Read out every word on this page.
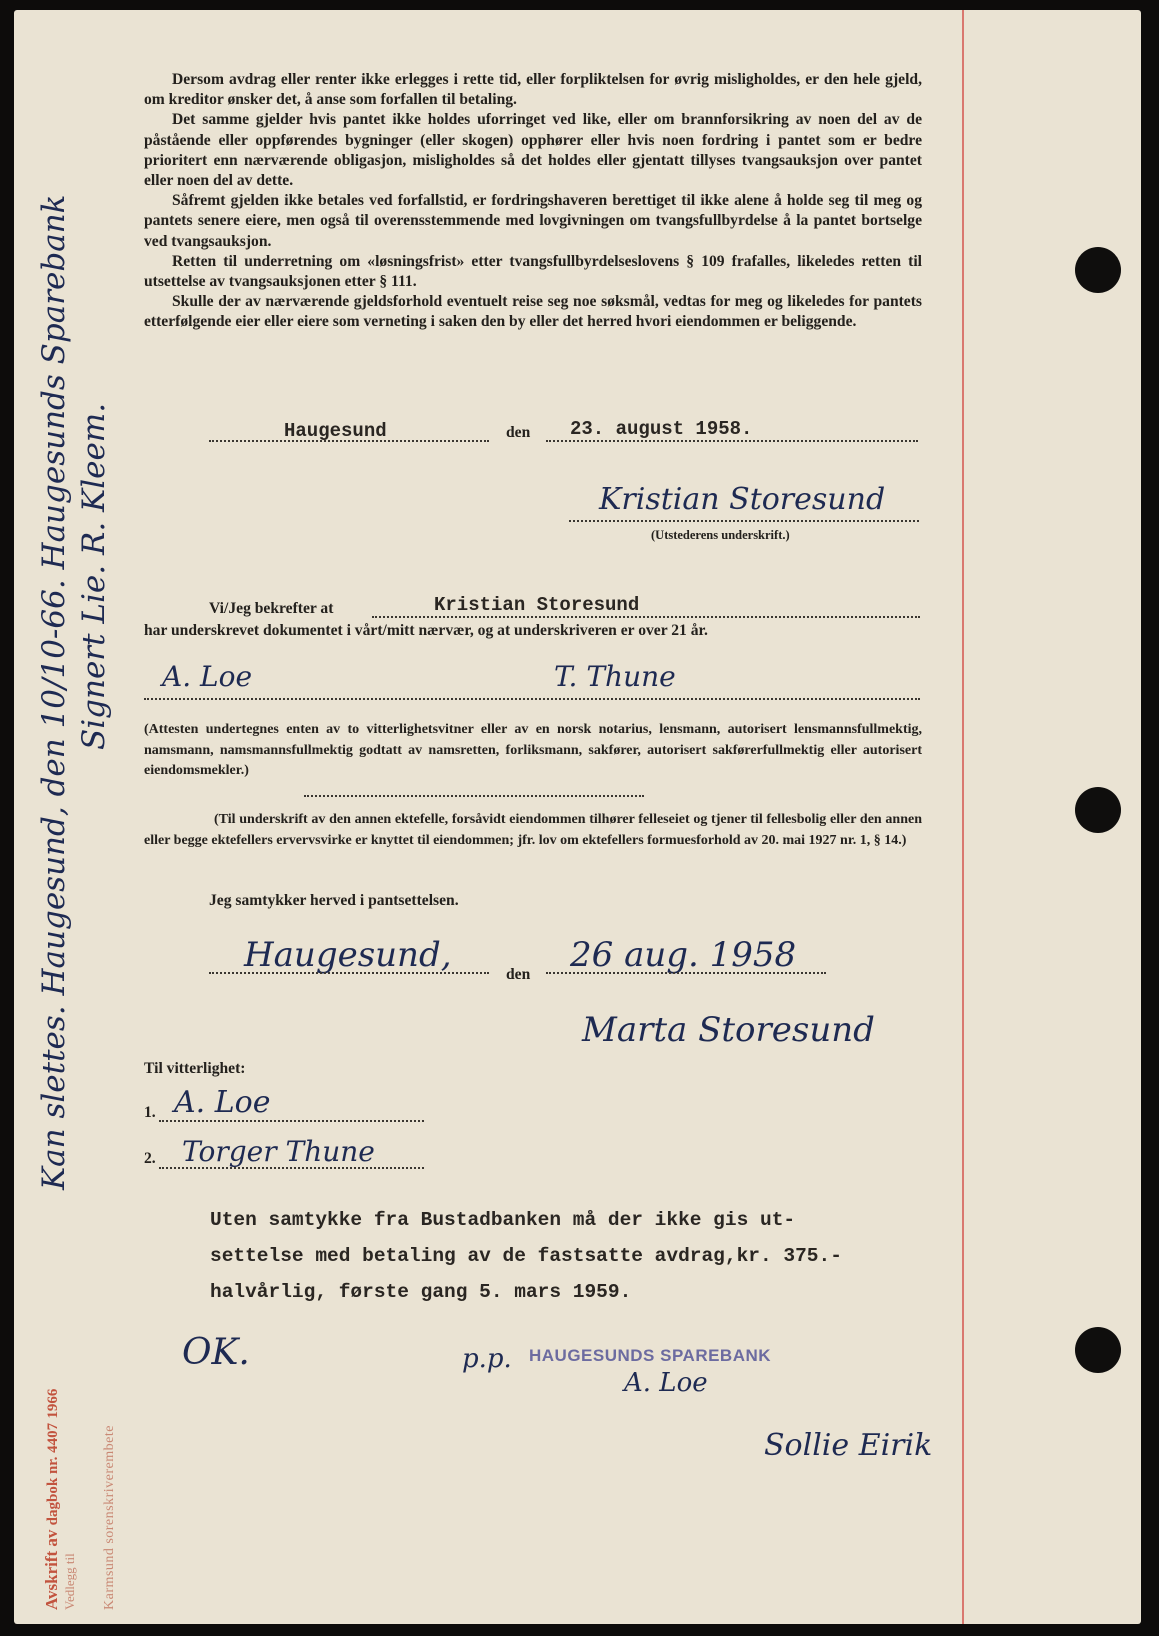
Dersom avdrag eller renter ikke erlegges i rette tid, eller forpliktelsen for øvrig misligholdes, er den hele gjeld, om kreditor ønsker det, å anse som forfallen til betaling.

Det samme gjelder hvis pantet ikke holdes uforringet ved like, eller om brannforsikring av noen del av de påstående eller oppførendes bygninger (eller skogen) opphører eller hvis noen fordring i pantet som er bedre prioritert enn nærværende obligasjon, misligholdes så det holdes eller gjentatt tillyses tvangsauksjon over pantet eller noen del av dette.

Såfremt gjelden ikke betales ved forfallstid, er fordringshaveren berettiget til ikke alene å holde seg til meg og pantets senere eiere, men også til overensstemmende med lovgivningen om tvangsfullbyrdelse å la pantet bortselge ved tvangsauksjon.

Retten til underretning om «løsningsfrist» etter tvangsfullbyrdelseslovens § 109 frafalles, likeledes retten til utsettelse av tvangsauksjonen etter § 111.

Skulle der av nærværende gjeldsforhold eventuelt reise seg noe søksmål, vedtas for meg og likeledes for pantets etterfølgende eier eller eiere som verneting i saken den by eller det herred hvori eiendommen er beliggende.

Haugesund	den 23. august 1958.
Kristian Storesund
(Utstederens underskrift.)
Vi/Jeg bekrefter at	Kristian Storesund
har underskrevet dokumentet i vårt/mitt nærvær, og at underskriveren er over 21 år.
A. Loe	T. Thune

(Attesten undertegnes enten av to vitterlighetsvitner eller av en norsk notarius, lensmann, autorisert lensmannsfullmektig, namsmann, namsmannsfullmektig godtatt av namsretten, forliksmann, sakfører, autorisert sakførerfullmektig eller autorisert eiendomsmekler.)

(Til underskrift av den annen ektefelle, forsåvidt eiendommen tilhører felleseiet og tjener til fellesbolig eller den annen eller begge ektefellers ervervsvirke er knyttet til eiendommen; jfr. lov om ektefellers formuesforhold av 20. mai 1927 nr. 1, § 14.)

Jeg samtykker herved i pantsettelsen.
Haugesund,	den 26 aug. 1958
Marta Storesund
Til vitterlighet:
1. A. Loe
2. Torger Thune
Uten samtykke fra Bustadbanken må der ikke gis ut-
settelse med betaling av de fastsatte avdrag,kr. 375.-
halvårlig, første gang 5. mars 1959.
OK.	p.p. HAUGESUNDS SPAREBANK
A. Loe
Sollie Eirik
Kan slettes. Haugesund, den 10/10-66. Haugesunds Sparebank Signert Lie. R. Kleem.
Avskrift av dagbok nr. 4407 1966
Vedlegg til Karmsund sorenskriverembete
